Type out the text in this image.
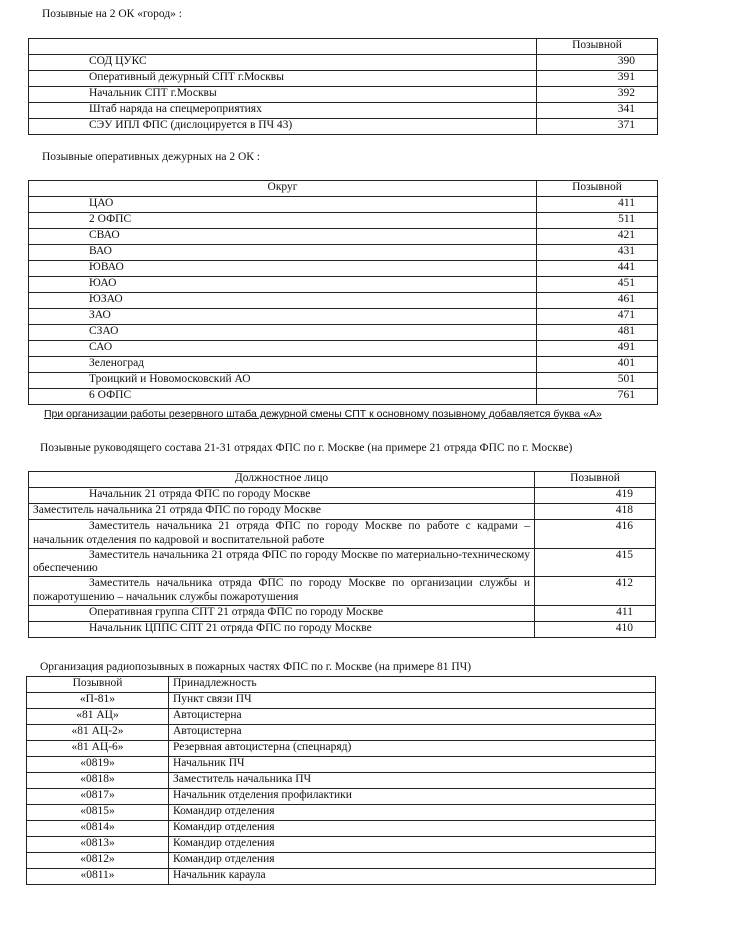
Позывные на 2 ОК «город» :
	Позывной
СОД ЦУКС	390
Оперативный дежурный СПТ г.Москвы	391
Начальник СПТ г.Москвы	392
Штаб наряда на спецмероприятиях	341
СЭУ ИПЛ ФПС (дислоцируется в ПЧ 43)	371
Позывные оперативных дежурных на 2 ОК :
Округ	Позывной
ЦАО	411
2 ОФПС	511
СВАО	421
ВАО	431
ЮВАО	441
ЮАО	451
ЮЗАО	461
ЗАО	471
СЗАО	481
САО	491
Зеленоград	401
Троицкий и Новомосковский АО	501
6 ОФПС	761
При организации работы резервного штаба дежурной смены СПТ к основному позывному добавляется буква «А»
Позывные руководящего состава 21-31 отрядах ФПС по г. Москве (на примере 21 отряда ФПС по г. Москве)
Должностное лицо	Позывной
Начальник 21 отряда ФПС по городу Москве	419
Заместитель начальника 21 отряда ФПС по городу Москве	418
Заместитель начальника 21 отряда ФПС по городу Москве по работе с кадрами – начальник отделения по кадровой и воспитательной работе	416
Заместитель начальника 21 отряда ФПС по городу Москве по материально-техническому обеспечению	415
Заместитель начальника отряда ФПС по городу Москве по организации службы и пожаротушению – начальник службы пожаротушения	412
Оперативная группа СПТ 21 отряда ФПС по городу Москве	411
Начальник ЦППС СПТ 21 отряда ФПС по городу Москве	410
Организация радиопозывных в пожарных частях ФПС по г. Москве (на примере 81 ПЧ)
Позывной	Принадлежность
«П-81»	Пункт связи ПЧ
«81 АЦ»	Автоцистерна
«81 АЦ-2»	Автоцистерна
«81 АЦ-6»	Резервная автоцистерна (спецнаряд)
«0819»	Начальник ПЧ
«0818»	Заместитель начальника ПЧ
«0817»	Начальник отделения профилактики
«0815»	Командир отделения
«0814»	Командир отделения
«0813»	Командир отделения
«0812»	Командир отделения
«0811»	Начальник караула
